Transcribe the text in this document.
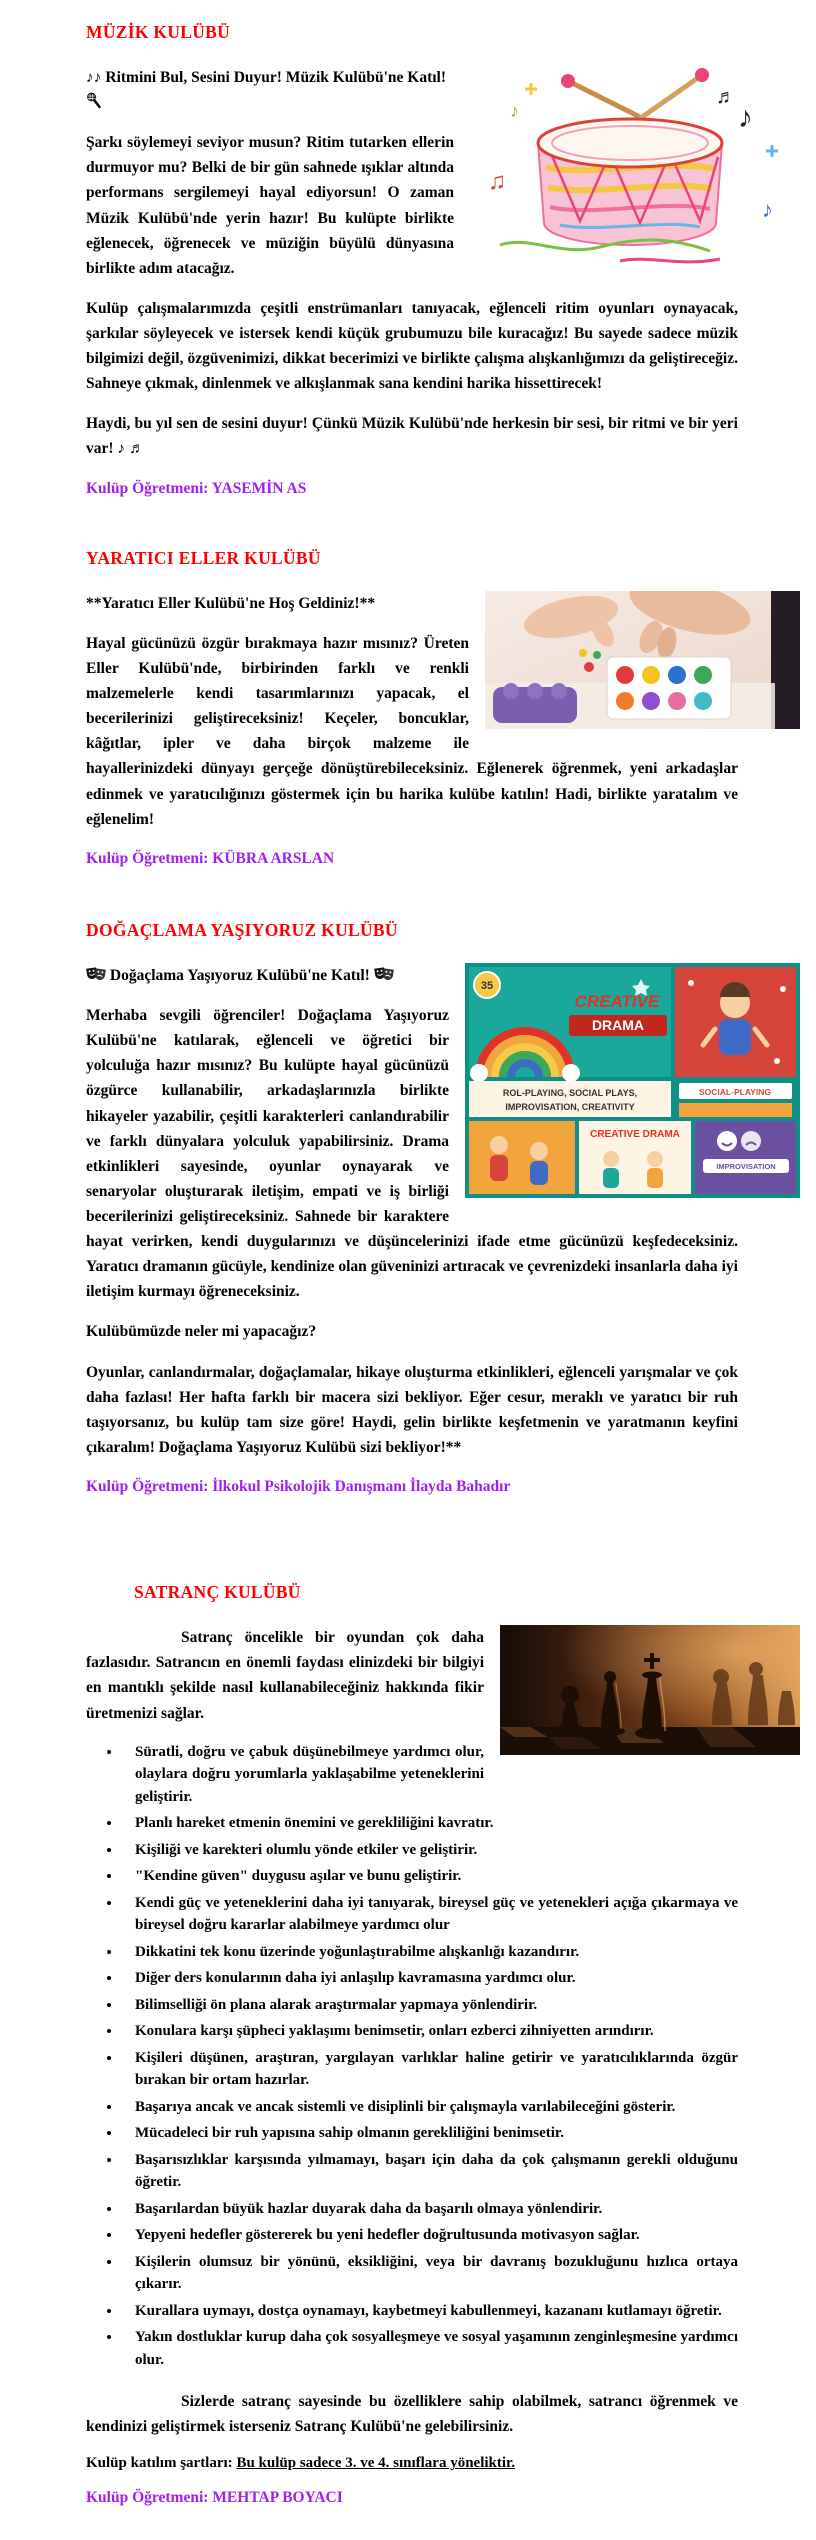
MÜZİK KULÜBÜ
♪
♫
♪
♬
♪

♪♪ Ritmini Bul, Sesini Duyur! Müzik Kulübü'ne Katıl!

Şarkı söylemeyi seviyor musun? Ritim tutarken ellerin durmuyor mu? Belki de bir gün sahnede ışıklar altında performans sergilemeyi hayal ediyorsun! O zaman Müzik Kulübü'nde yerin hazır! Bu kulüpte birlikte eğlenecek, öğrenecek ve müziğin büyülü dünyasına birlikte adım atacağız.

Kulüp çalışmalarımızda çeşitli enstrümanları tanıyacak, eğlenceli ritim oyunları oynayacak, şarkılar söyleyecek ve istersek kendi küçük grubumuzu bile kuracağız! Bu sayede sadece müzik bilgimizi değil, özgüvenimizi, dikkat becerimizi ve birlikte çalışma alışkanlığımızı da geliştireceğiz. Sahneye çıkmak, dinlenmek ve alkışlanmak sana kendini harika hissettirecek!

Haydi, bu yıl sen de sesini duyur! Çünkü Müzik Kulübü'nde herkesin bir sesi, bir ritmi ve bir yeri var! ♪ ♬

Kulüp Öğretmeni: YASEMİN AS

YARATICI ELLER KULÜBÜ

**Yaratıcı Eller Kulübü'ne Hoş Geldiniz!**

Hayal gücünüzü özgür bırakmaya hazır mısınız? Üreten Eller Kulübü'nde, birbirinden farklı ve renkli malzemelerle kendi tasarımlarınızı yapacak, el becerilerinizi geliştireceksiniz! Keçeler, boncuklar, kâğıtlar, ipler ve daha birçok malzeme ile hayallerinizdeki dünyayı gerçeğe dönüştürebileceksiniz. Eğlenerek öğrenmek, yeni arkadaşlar edinmek ve yaratıcılığınızı göstermek için bu harika kulübe katılın! Hadi, birlikte yaratalım ve eğlenelim!

Kulüp Öğretmeni: KÜBRA ARSLAN

DOĞAÇLAMA YAŞIYORUZ KULÜBÜ
35
CREATIVE
DRAMA
ROL-PLAYING, SOCIAL PLAYS,
IMPROVISATION, CREATIVITY
SOCIAL-PLAYING
CREATIVE DRAMA
IMPROVISATION

Doğaçlama Yaşıyoruz Kulübü'ne Katıl!

Merhaba sevgili öğrenciler! Doğaçlama Yaşıyoruz Kulübü'ne katılarak, eğlenceli ve öğretici bir yolculuğa hazır mısınız? Bu kulüpte hayal gücünüzü özgürce kullanabilir, arkadaşlarınızla birlikte hikayeler yazabilir, çeşitli karakterleri canlandırabilir ve farklı dünyalara yolculuk yapabilirsiniz. Drama etkinlikleri sayesinde, oyunlar oynayarak ve senaryolar oluşturarak iletişim, empati ve iş birliği becerilerinizi geliştireceksiniz. Sahnede bir karaktere hayat verirken, kendi duygularınızı ve düşüncelerinizi ifade etme gücünüzü keşfedeceksiniz. Yaratıcı dramanın gücüyle, kendinize olan güveninizi artıracak ve çevrenizdeki insanlarla daha iyi iletişim kurmayı öğreneceksiniz.

Kulübümüzde neler mi yapacağız?

Oyunlar, canlandırmalar, doğaçlamalar, hikaye oluşturma etkinlikleri, eğlenceli yarışmalar ve çok daha fazlası! Her hafta farklı bir macera sizi bekliyor. Eğer cesur, meraklı ve yaratıcı bir ruh taşıyorsanız, bu kulüp tam size göre! Haydi, gelin birlikte keşfetmenin ve yaratmanın keyfini çıkaralım! Doğaçlama Yaşıyoruz Kulübü sizi bekliyor!**

Kulüp Öğretmeni: İlkokul Psikolojik Danışmanı İlayda Bahadır

SATRANÇ KULÜBÜ

Satranç öncelikle bir oyundan çok daha fazlasıdır. Satrancın en önemli faydası elinizdeki bir bilgiyi en mantıklı şekilde nasıl kullanabileceğiniz hakkında fikir üretmenizi sağlar.

• Süratli, doğru ve çabuk düşünebilmeye yardımcı olur, olaylara doğru yorumlarla yaklaşabilme yeteneklerini geliştirir.
• Planlı hareket etmenin önemini ve gerekliliğini kavratır.
• Kişiliği ve karekteri olumlu yönde etkiler ve geliştirir.
• "Kendine güven" duygusu aşılar ve bunu geliştirir.
• Kendi güç ve yeteneklerini daha iyi tanıyarak, bireysel güç ve yetenekleri açığa çıkarmaya ve bireysel doğru kararlar alabilmeye yardımcı olur
• Dikkatini tek konu üzerinde yoğunlaştırabilme alışkanlığı kazandırır.
• Diğer ders konularının daha iyi anlaşılıp kavramasına yardımcı olur.
• Bilimselliği ön plana alarak araştırmalar yapmaya yönlendirir.
• Konulara karşı şüpheci yaklaşımı benimsetir, onları ezberci zihniyetten arındırır.
• Kişileri düşünen, araştıran, yargılayan varlıklar haline getirir ve yaratıcılıklarında özgür bırakan bir ortam hazırlar.
• Başarıya ancak ve ancak sistemli ve disiplinli bir çalışmayla varılabileceğini gösterir.
• Mücadeleci bir ruh yapısına sahip olmanın gerekliliğini benimsetir.
• Başarısızlıklar karşısında yılmamayı, başarı için daha da çok çalışmanın gerekli olduğunu öğretir.
• Başarılardan büyük hazlar duyarak daha da başarılı olmaya yönlendirir.
• Yepyeni hedefler göstererek bu yeni hedefler doğrultusunda motivasyon sağlar.
• Kişilerin olumsuz bir yönünü, eksikliğini, veya bir davranış bozukluğunu hızlıca ortaya çıkarır.
• Kurallara uymayı, dostça oynamayı, kaybetmeyi kabullenmeyi, kazananı kutlamayı öğretir.
• Yakın dostluklar kurup daha çok sosyalleşmeye ve sosyal yaşamının zenginleşmesine yardımcı olur.

Sizlerde satranç sayesinde bu özelliklere sahip olabilmek, satrancı öğrenmek ve kendinizi geliştirmek isterseniz Satranç Kulübü'ne gelebilirsiniz.

Kulüp katılım şartları: Bu kulüp sadece 3. ve 4. sınıflara yöneliktir.

Kulüp Öğretmeni: MEHTAP BOYACI
